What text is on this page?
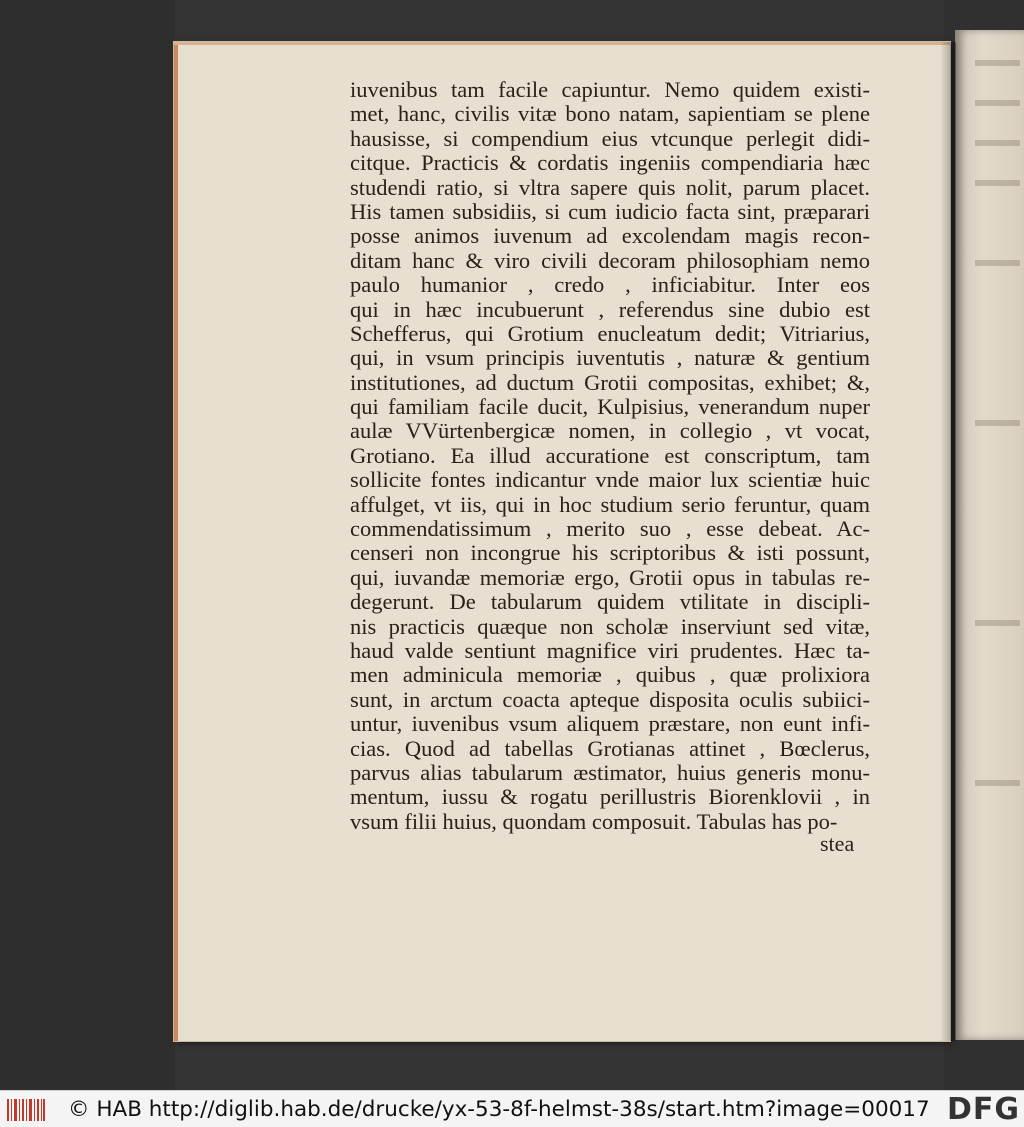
iuvenibus tam facile capiuntur. Nemo quidem existi-
met, hanc, civilis vitæ bono natam, sapientiam se plene
hausisse, si compendium eius vtcunque perlegit didi-
citque. Practicis & cordatis ingeniis compendiaria hæc
studendi ratio, si vltra sapere quis nolit, parum placet.
His tamen subsidiis, si cum iudicio facta sint, præparari
posse animos iuvenum ad excolendam magis recon-
ditam hanc & viro civili decoram philosophiam nemo
paulo humanior , credo , inficiabitur. Inter eos
qui in hæc incubuerunt , referendus sine dubio est
Schefferus, qui Grotium enucleatum dedit; Vitriarius,
qui, in vsum principis iuventutis , naturæ & gentium
institutiones, ad ductum Grotii compositas, exhibet; &,
qui familiam facile ducit, Kulpisius, venerandum nuper
aulæ VVürtenbergicæ nomen, in collegio , vt vocat,
Grotiano. Ea illud accuratione est conscriptum, tam
sollicite fontes indicantur vnde maior lux scientiæ huic
affulget, vt iis, qui in hoc studium serio feruntur, quam
commendatissimum , merito suo , esse debeat. Ac-
censeri non incongrue his scriptoribus & isti possunt,
qui, iuvandæ memoriæ ergo, Grotii opus in tabulas re-
degerunt. De tabularum quidem vtilitate in discipli-
nis practicis quæque non scholæ inserviunt sed vitæ,
haud valde sentiunt magnifice viri prudentes. Hæc ta-
men adminicula memoriæ , quibus , quæ prolixiora
sunt, in arctum coacta apteque disposita oculis subiici-
untur, iuvenibus vsum aliquem præstare, non eunt infi-
cias. Quod ad tabellas Grotianas attinet , Bœclerus,
parvus alias tabularum æstimator, huius generis monu-
mentum, iussu & rogatu perillustris Biorenklovii , in
vsum filii huius, quondam composuit. Tabulas has po-
stea
© HAB http://diglib.hab.de/drucke/yx-53-8f-helmst-38s/start.htm?image=00017 DFG
